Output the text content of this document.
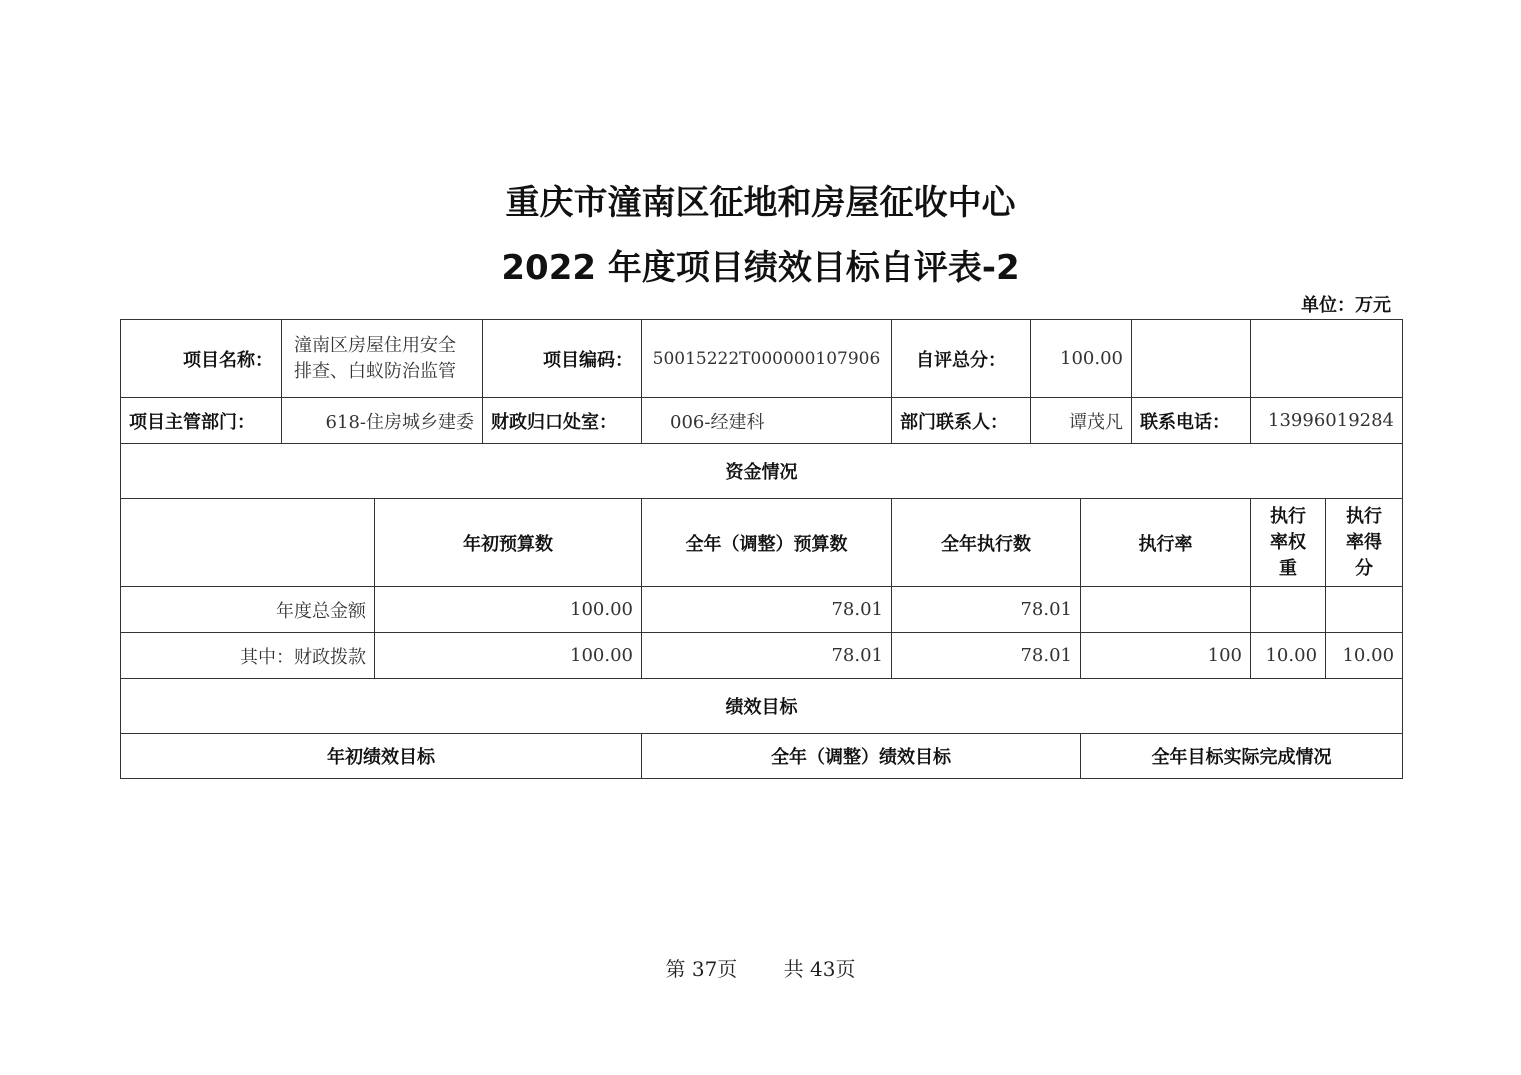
重庆市潼南区征地和房屋征收中心
2022 年度项目绩效目标自评表-2
单位：万元
项目名称：	潼南区房屋住用安全排查、白蚁防治监管		项目编码：	50015222T000000107906	自评总分：	100.00				
项目主管部门：	618-住房城乡建委		财政归口处室：	006-经建科	部门联系人：	谭茂凡		联系电话：	13996019284	
资金情况										
		年初预算数		全年（调整）预算数	全年执行数		执行率		执行率权重	执行率得分
年度总金额		100.00		78.01	78.01					
其中：财政拨款		100.00		78.01	78.01		100		10.00	10.00
绩效目标										
年初绩效目标				全年（调整）绩效目标			全年目标实际完成情况			
第 37页 共 43页
